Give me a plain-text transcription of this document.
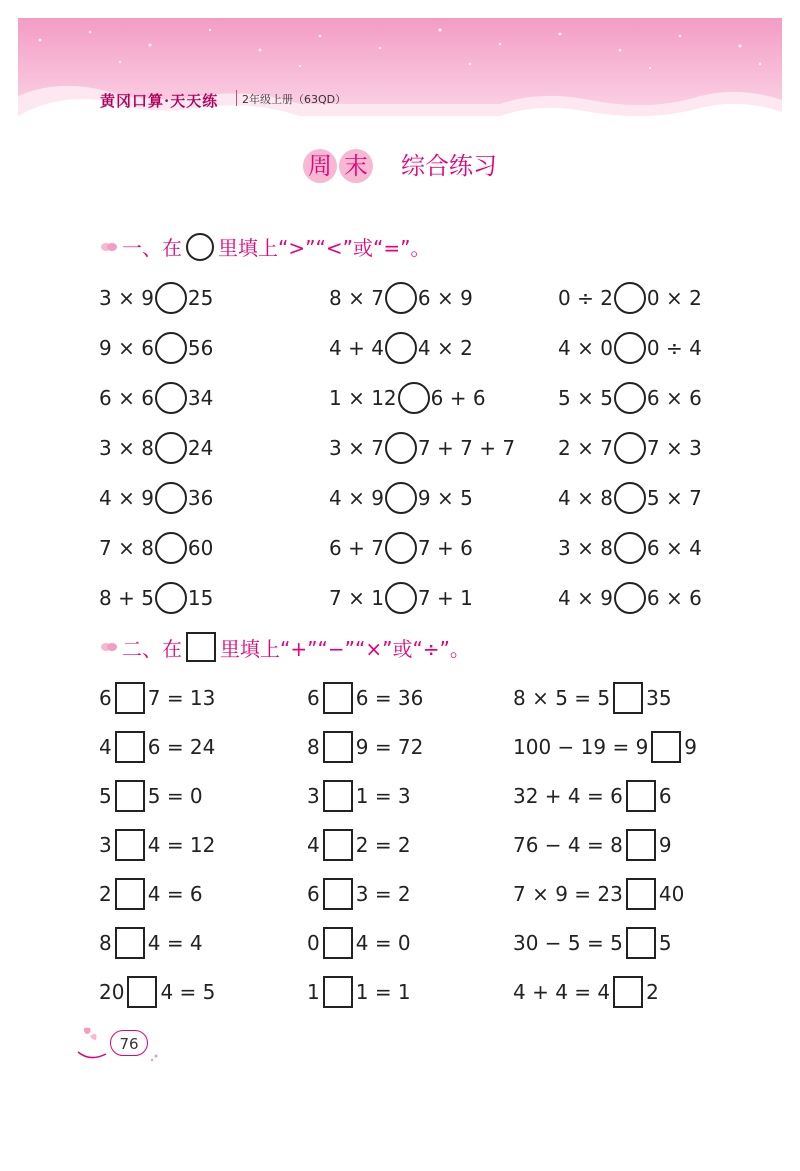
黄冈口算·天天练 2年级上册（63QD）
周 末 综合练习
一、在 里填上“>”“<”或“=”。
3 × 9 25	8 × 7 6 × 9	0 ÷ 2 0 × 2
9 × 6 56	4 + 4 4 × 2	4 × 0 0 ÷ 4
6 × 6 34	1 × 12 6 + 6	5 × 5 6 × 6
3 × 8 24	3 × 7 7 + 7 + 7 2 × 7 7 × 3
4 × 9 36	4 × 9 9 × 5	4 × 8 5 × 7
7 × 8 60	6 + 7 7 + 6	3 × 8 6 × 4
8 + 5 15	7 × 1 7 + 1	4 × 9 6 × 6
二、在 里填上“+”“−”“×”或“÷”。
6 7 = 13	6 6 = 36	8 × 5 = 5 35
4 6 = 24	8 9 = 72	100 − 19 = 9 9
5 5 = 0	3 1 = 3	32 + 4 = 6 6
3 4 = 12	4 2 = 2	76 − 4 = 8 9
2 4 = 6	6 3 = 2	7 × 9 = 23 40
8 4 = 4	0 4 = 0	30 − 5 = 5 5
20 4 = 5	1 1 = 1	4 + 4 = 4 2
76
